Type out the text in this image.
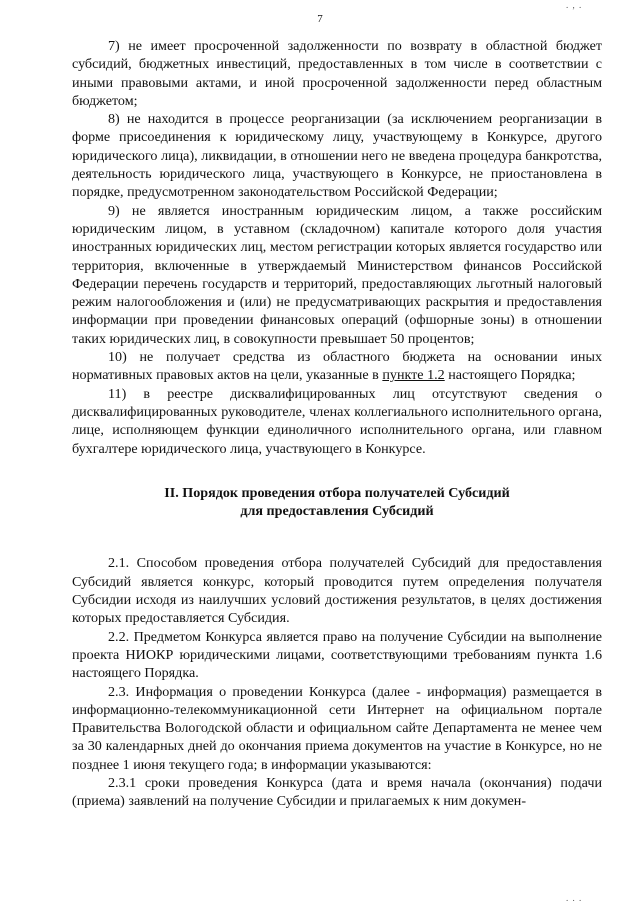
7
. , .

7) не имеет просроченной задолженности по возврату в областной бюджет субсидий, бюджетных инвестиций, предоставленных в том числе в соответствии с иными правовыми актами, и иной просроченной задолженности перед областным бюджетом;

8) не находится в процессе реорганизации (за исключением реорганизации в форме присоединения к юридическому лицу, участвующему в Конкурсе, другого юридического лица), ликвидации, в отношении него не введена процедура банкротства, деятельность юридического лица, участвующего в Конкурсе, не приостановлена в порядке, предусмотренном законодательством Российской Федерации;

9) не является иностранным юридическим лицом, а также российским юридическим лицом, в уставном (складочном) капитале которого доля участия иностранных юридических лиц, местом регистрации которых является государство или территория, включенные в утверждаемый Министерством финансов Российской Федерации перечень государств и территорий, предоставляющих льготный налоговый режим налогообложения и (или) не предусматривающих раскрытия и предоставления информации при проведении финансовых операций (офшорные зоны) в отношении таких юридических лиц, в совокупности превышает 50 процентов;

10) не получает средства из областного бюджета на основании иных нормативных правовых актов на цели, указанные в пункте 1.2 настоящего Порядка;

11) в реестре дисквалифицированных лиц отсутствуют сведения о дисквалифицированных руководителе, членах коллегиального исполнительного органа, лице, исполняющем функции единоличного исполнительного органа, или главном бухгалтере юридического лица, участвующего в Конкурсе.

II. Порядок проведения отбора получателей Субсидий
для предоставления Субсидий

2.1. Способом проведения отбора получателей Субсидий для предоставления Субсидий является конкурс, который проводится путем определения получателя Субсидии исходя из наилучших условий достижения результатов, в целях достижения которых предоставляется Субсидия.

2.2. Предметом Конкурса является право на получение Субсидии на выполнение проекта НИОКР юридическими лицами, соответствующими требованиям пункта 1.6 настоящего Порядка.

2.3. Информация о проведении Конкурса (далее - информация) размещается в информационно-телекоммуникационной сети Интернет на официальном портале Правительства Вологодской области и официальном сайте Департамента не менее чем за 30 календарных дней до окончания приема документов на участие в Конкурсе, но не позднее 1 июня текущего года; в информации указываются:

2.3.1 сроки проведения Конкурса (дата и время начала (окончания) подачи (приема) заявлений на получение Субсидии и прилагаемых к ним докумен-

. . .
